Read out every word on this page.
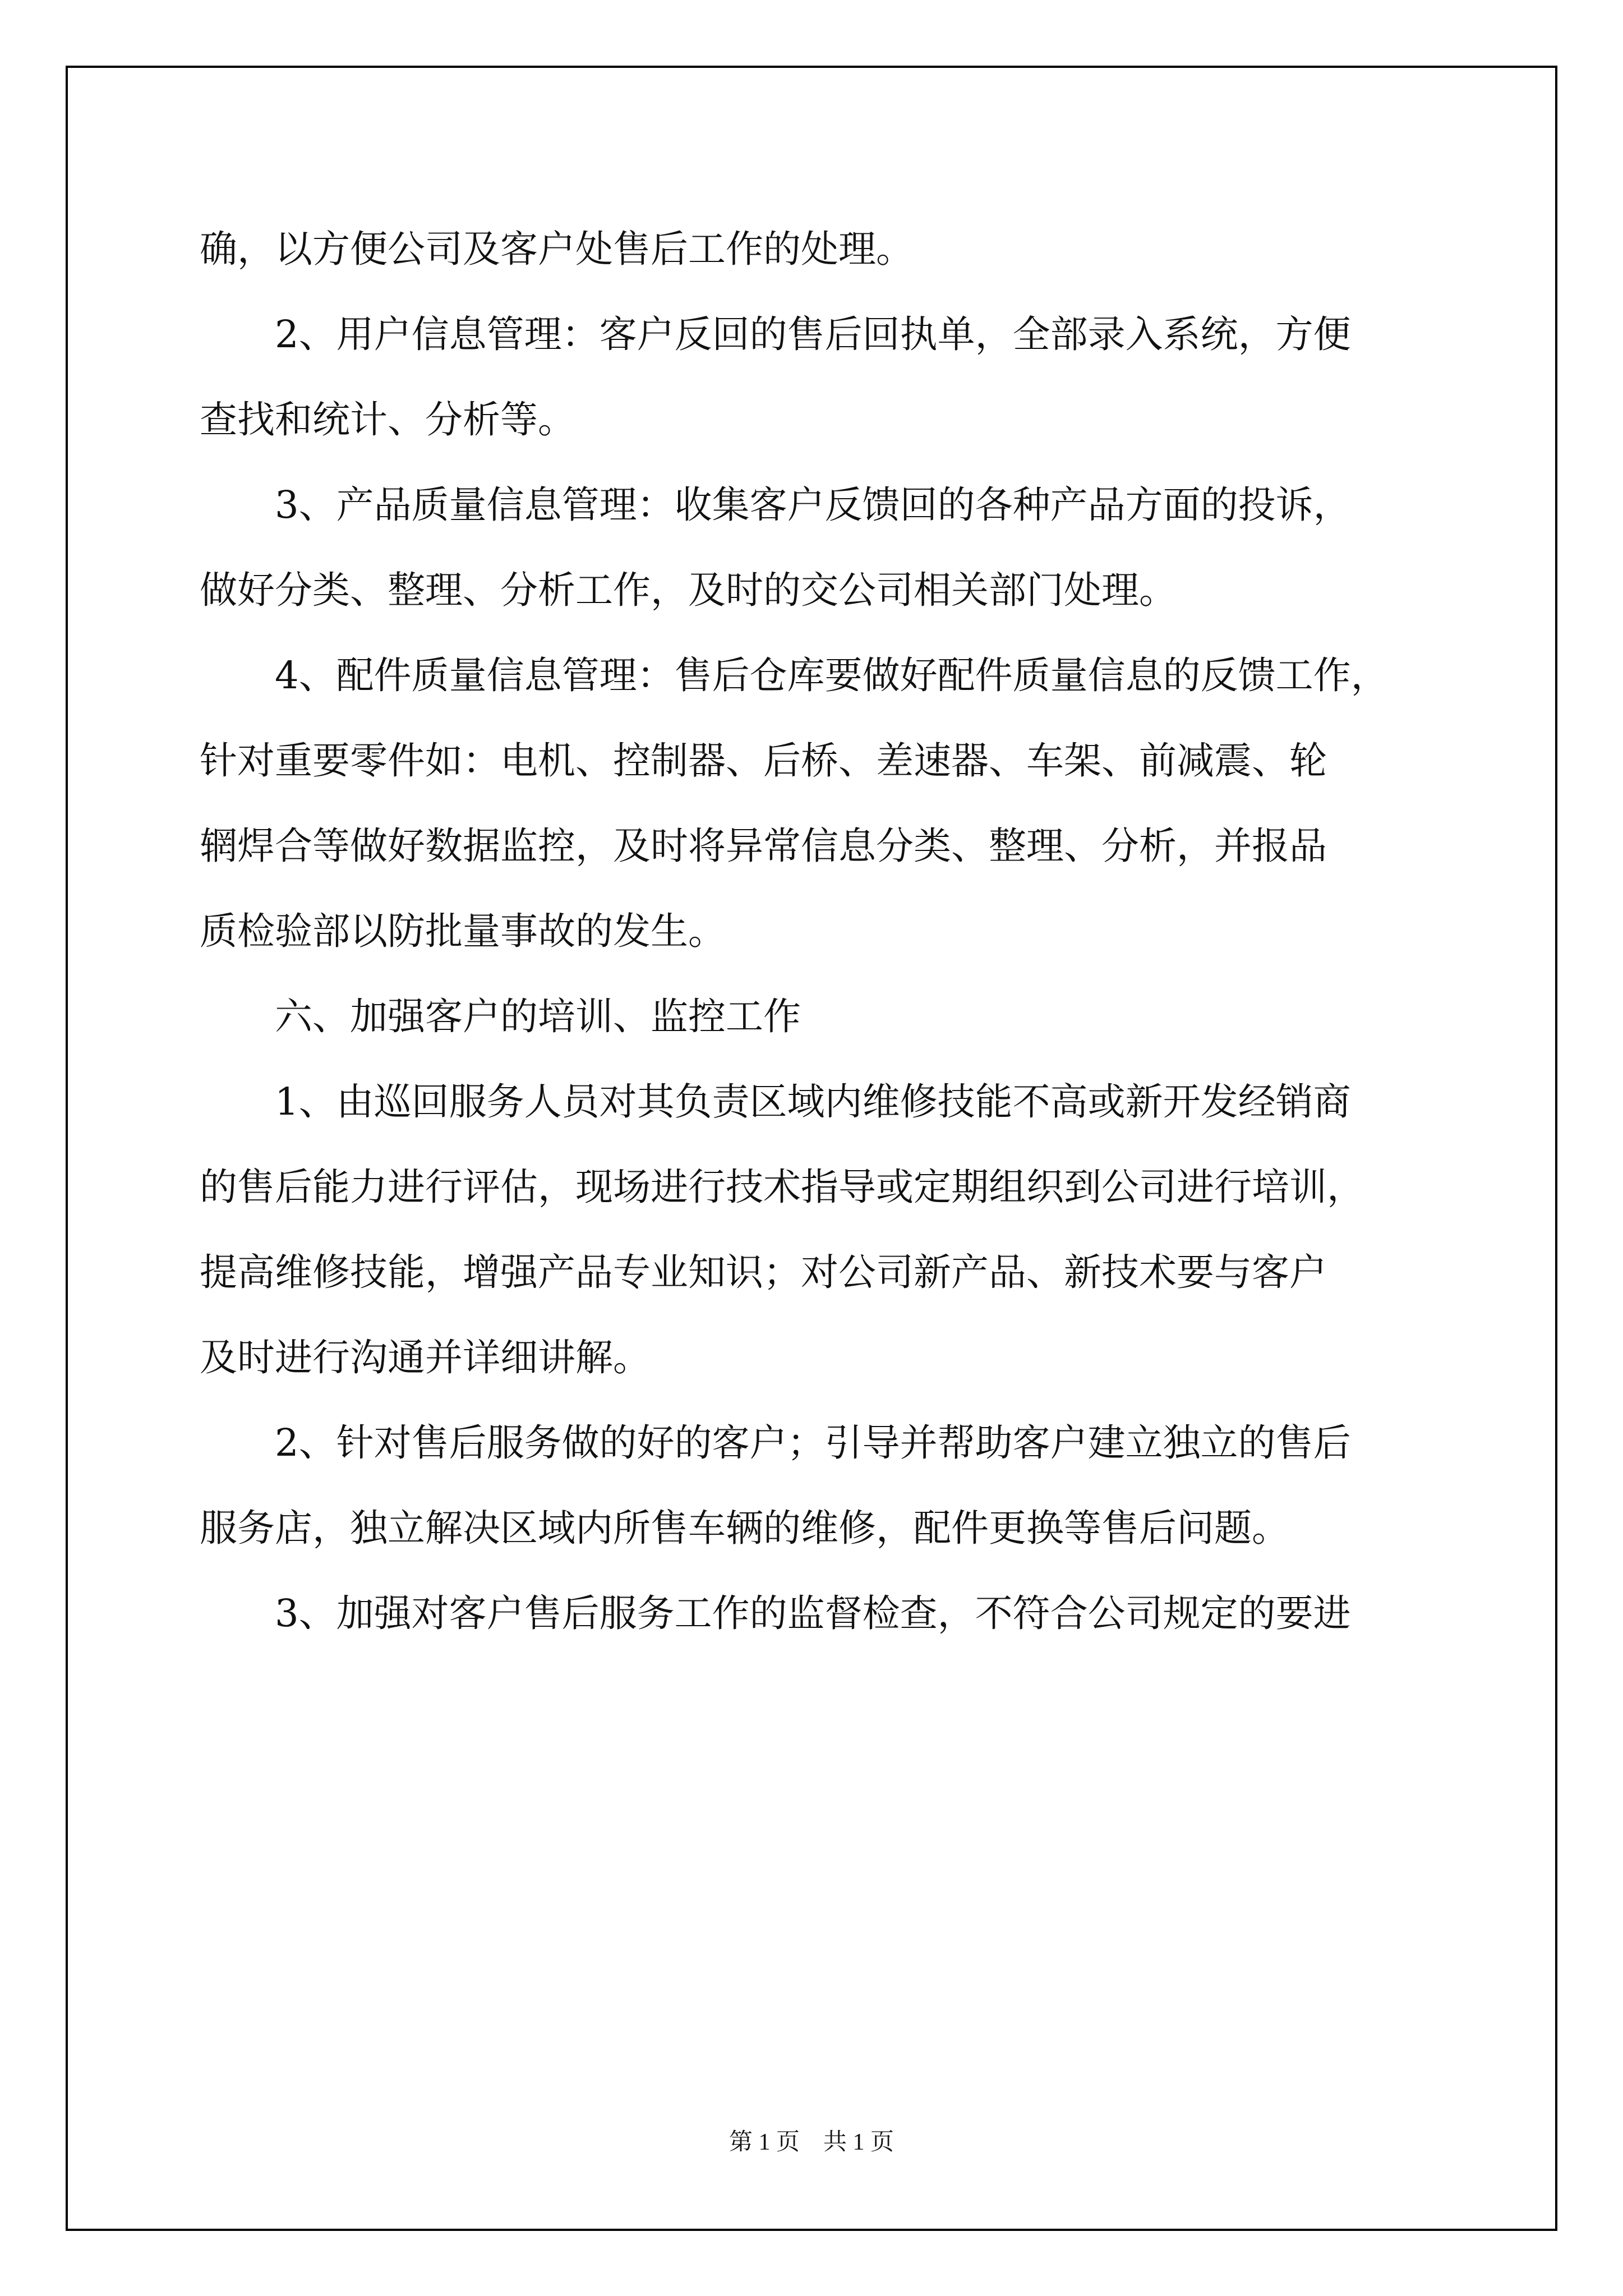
确，以方便公司及客户处售后工作的处理。
2、用户信息管理：客户反回的售后回执单，全部录入系统，方便
查找和统计、分析等。
3、产品质量信息管理：收集客户反馈回的各种产品方面的投诉，
做好分类、整理、分析工作，及时的交公司相关部门处理。
4、配件质量信息管理：售后仓库要做好配件质量信息的反馈工作，
针对重要零件如：电机、控制器、后桥、差速器、车架、前减震、轮
辋焊合等做好数据监控，及时将异常信息分类、整理、分析，并报品
质检验部以防批量事故的发生。
六、加强客户的培训、监控工作
1、由巡回服务人员对其负责区域内维修技能不高或新开发经销商
的售后能力进行评估，现场进行技术指导或定期组织到公司进行培训，
提高维修技能，增强产品专业知识；对公司新产品、新技术要与客户
及时进行沟通并详细讲解。
2、针对售后服务做的好的客户；引导并帮助客户建立独立的售后
服务店，独立解决区域内所售车辆的维修，配件更换等售后问题。
3、加强对客户售后服务工作的监督检查，不符合公司规定的要进
第 1 页　共 1 页
